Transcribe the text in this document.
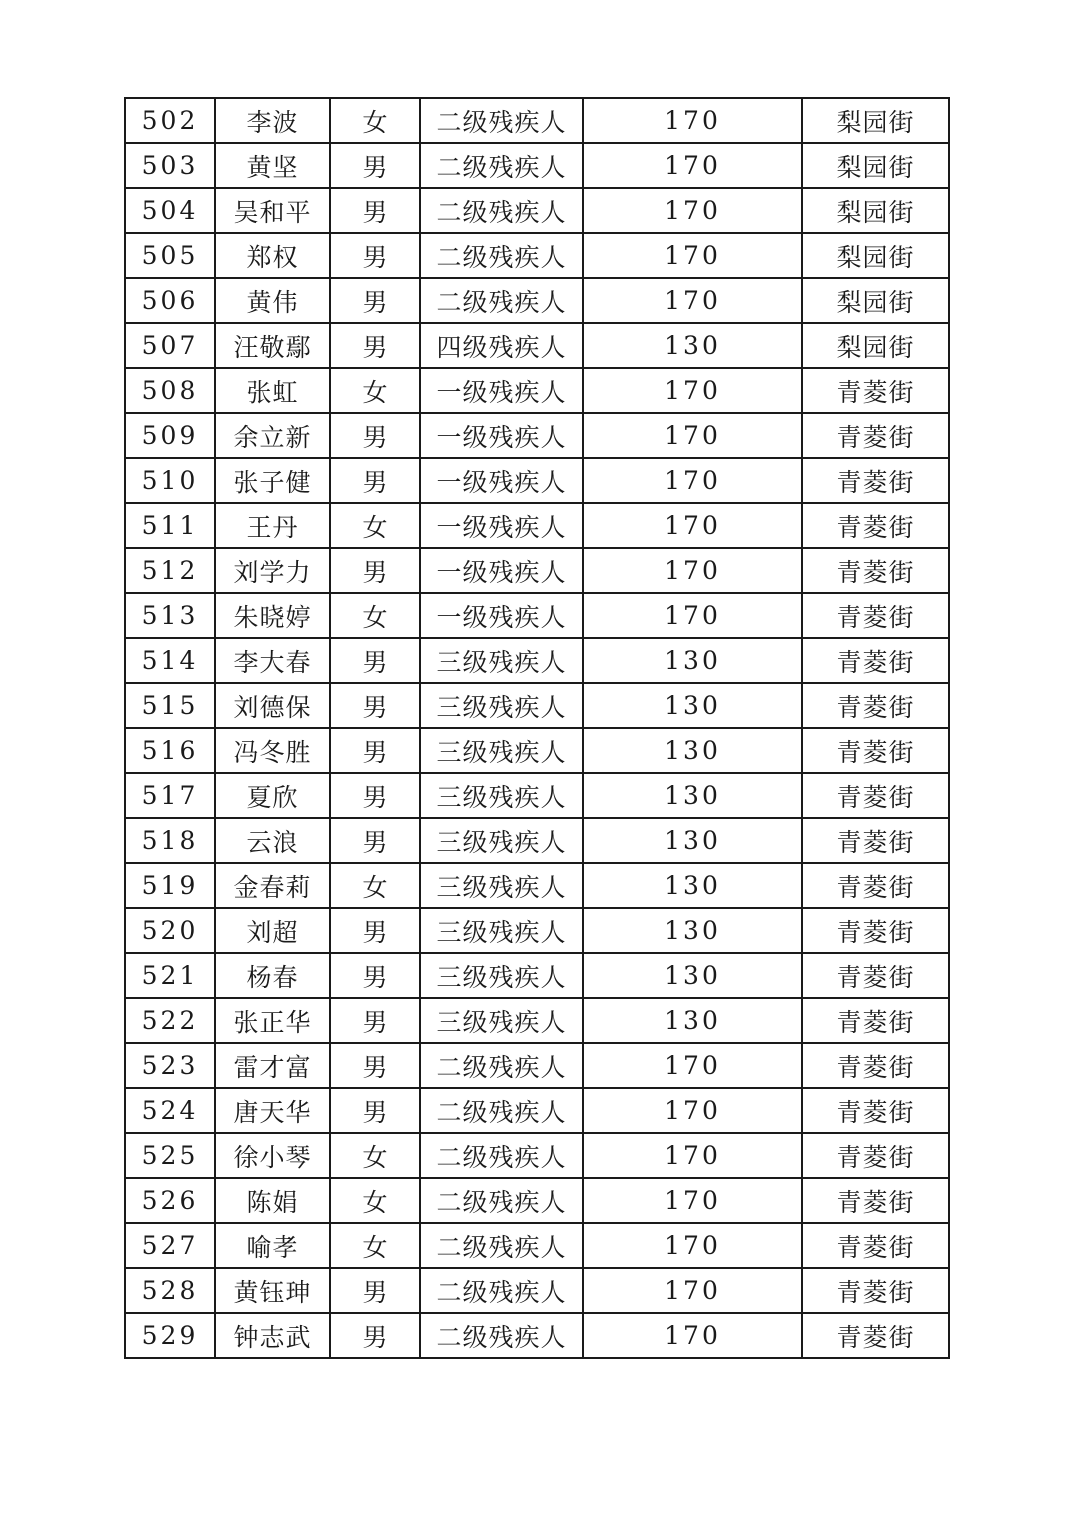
502	李波	女	二级残疾人	170	梨园街
503	黄坚	男	二级残疾人	170	梨园街
504	吴和平	男	二级残疾人	170	梨园街
505	郑权	男	二级残疾人	170	梨园街
506	黄伟	男	二级残疾人	170	梨园街
507	汪敬鄢	男	四级残疾人	130	梨园街
508	张虹	女	一级残疾人	170	青菱街
509	余立新	男	一级残疾人	170	青菱街
510	张子健	男	一级残疾人	170	青菱街
511	王丹	女	一级残疾人	170	青菱街
512	刘学力	男	一级残疾人	170	青菱街
513	朱晓婷	女	一级残疾人	170	青菱街
514	李大春	男	三级残疾人	130	青菱街
515	刘德保	男	三级残疾人	130	青菱街
516	冯冬胜	男	三级残疾人	130	青菱街
517	夏欣	男	三级残疾人	130	青菱街
518	云浪	男	三级残疾人	130	青菱街
519	金春莉	女	三级残疾人	130	青菱街
520	刘超	男	三级残疾人	130	青菱街
521	杨春	男	三级残疾人	130	青菱街
522	张正华	男	三级残疾人	130	青菱街
523	雷才富	男	二级残疾人	170	青菱街
524	唐天华	男	二级残疾人	170	青菱街
525	徐小琴	女	二级残疾人	170	青菱街
526	陈娟	女	二级残疾人	170	青菱街
527	喻孝	女	二级残疾人	170	青菱街
528	黄钰珅	男	二级残疾人	170	青菱街
529	钟志武	男	二级残疾人	170	青菱街
